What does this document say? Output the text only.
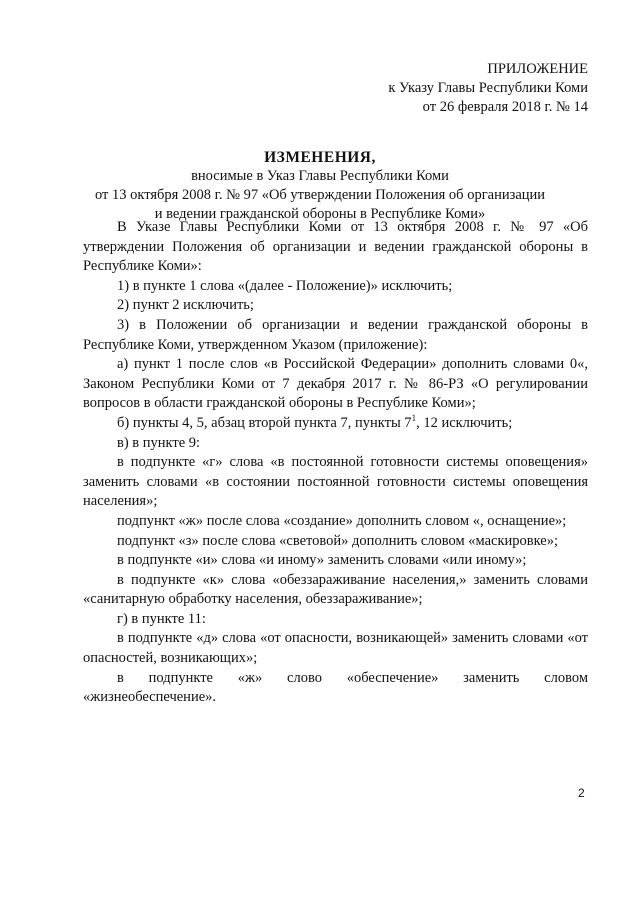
ПРИЛОЖЕНИЕ
к Указу Главы Республики Коми
от 26 февраля 2018 г. № 14
ИЗМЕНЕНИЯ,
вносимые в Указ Главы Республики Коми
от 13 октября 2008 г. № 97 «Об утверждении Положения об организации
и ведении гражданской обороны в Республике Коми»

В Указе Главы Республики Коми от 13 октября 2008 г. № 97 «Об утверждении Положения об организации и ведении гражданской обороны в Республике Коми»:

1) в пункте 1 слова «(далее - Положение)» исключить;

2) пункт 2 исключить;

3) в Положении об организации и ведении гражданской обороны в Республике Коми, утвержденном Указом (приложение):

а) пункт 1 после слов «в Российской Федерации» дополнить словами 0«, Законом Республики Коми от 7 декабря 2017 г. № 86-РЗ «О регулировании вопросов в области гражданской обороны в Республике Коми»;

б) пункты 4, 5, абзац второй пункта 7, пункты $7^1$, 12 исключить;

в) в пункте 9:

в подпункте «г» слова «в постоянной готовности системы оповещения» заменить словами «в состоянии постоянной готовности системы оповещения населения»;

подпункт «ж» после слова «создание» дополнить словом «, оснащение»;

подпункт «з» после слова «световой» дополнить словом «маскировке»;

в подпункте «и» слова «и иному» заменить словами «или иному»;

в подпункте «к» слова «обеззараживание населения,» заменить словами «санитарную обработку населения, обеззараживание»;

г) в пункте 11:

в подпункте «д» слова «от опасности, возникающей» заменить словами «от опасностей, возникающих»;

в подпункте «ж» слово «обеспечение» заменить словом «жизнеобеспечение».

2
